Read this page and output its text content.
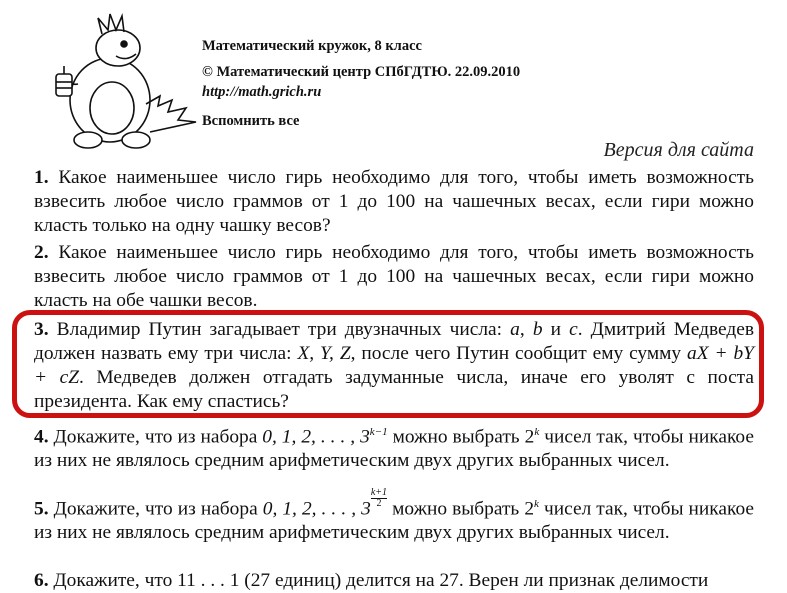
Математический кружок, 8 класс
© Математический центр СПбГДТЮ. 22.09.2010
http://math.grich.ru
Вспомнить все
Версия для сайта
1. Какое наименьшее число гирь необходимо для того, чтобы иметь возможность взвесить любое число граммов от 1 до 100 на чашечных весах, если гири можно класть только на одну чашку весов?
2. Какое наименьшее число гирь необходимо для того, чтобы иметь возможность взвесить любое число граммов от 1 до 100 на чашечных весах, если гири можно класть на обе чашки весов.
3. Владимир Путин загадывает три двузначных числа: a, b и c. Дмитрий Медведев должен назвать ему три числа: X, Y, Z, после чего Путин сообщит ему сумму aX + bY + cZ. Медведев должен отгадать задуманные числа, иначе его уволят с поста президента. Как ему спастись?
4. Докажите, что из набора 0, 1, 2, . . . , $3^{k-1}$ можно выбрать 2$^k$ чисел так, чтобы никакое из них не являлось средним арифметическим двух других выбранных чисел.
5. Докажите, что из набора 0, 1, 2, . . . , $3 \frac{k+1}{2}$ можно выбрать 2$^k$ чисел так, чтобы никакое из них не являлось средним арифметическим двух других выбранных чисел.
6. Докажите, что 11 . . . 1 (27 единиц) делится на 27. Верен ли признак делимости
